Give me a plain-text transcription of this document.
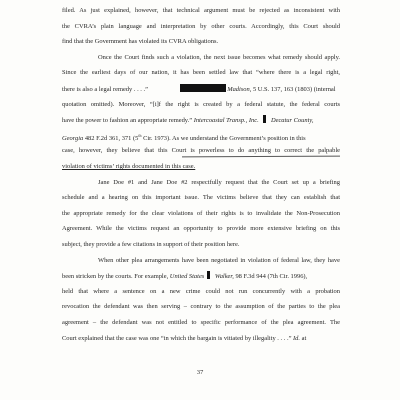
filed. As just explained, however, that technical argument must be rejected as inconsistent with
the CVRA’s plain language and interpretation by other courts. Accordingly, this Court should
find that the Government has violated its CVRA obligations.
Once the Court finds such a violation, the next issue becomes what remedy should apply.
Since the earliest days of our nation, it has been settled law that “where there is a legal right,
there is also a legal remedy . . . .”	Madison, 5 U.S. 137, 163 (1803) (internal
quotation omitted). Moreover, “[i]f the right is created by a federal statute, the federal courts
have the power to fashion an appropriate remedy.” Intercoastal Transp., Inc.  Decatur County,
Georgia 482 F.2d 361, 371 (5th Cir. 1973). As we understand the Government’s position in this
case, however, they believe that this Court is powerless to do anything to correct the palpable
violation of victims’ rights documented in this case.
Jane Doe #1 and Jane Doe #2 respectfully request that the Court set up a briefing
schedule and a hearing on this important issue. The victims believe that they can establish that
the appropriate remedy for the clear violations of their rights is to invalidate the Non-Prosecution
Agreement. While the victims request an opportunity to provide more extensive briefing on this
subject, they provide a few citations in support of their position here.
When other plea arrangements have been negotiated in violation of federal law, they have
been stricken by the courts. For example, United States Walker, 98 F.3d 944 (7th Cir. 1996),
held that where a sentence on a new crime could not run concurrently with a probation
revocation the defendant was then serving – contrary to the assumption of the parties to the plea
agreement – the defendant was not entitled to specific performance of the plea agreement. The
Court explained that the case was one “in which the bargain is vitiated by illegality . . . .” Id. at
37
